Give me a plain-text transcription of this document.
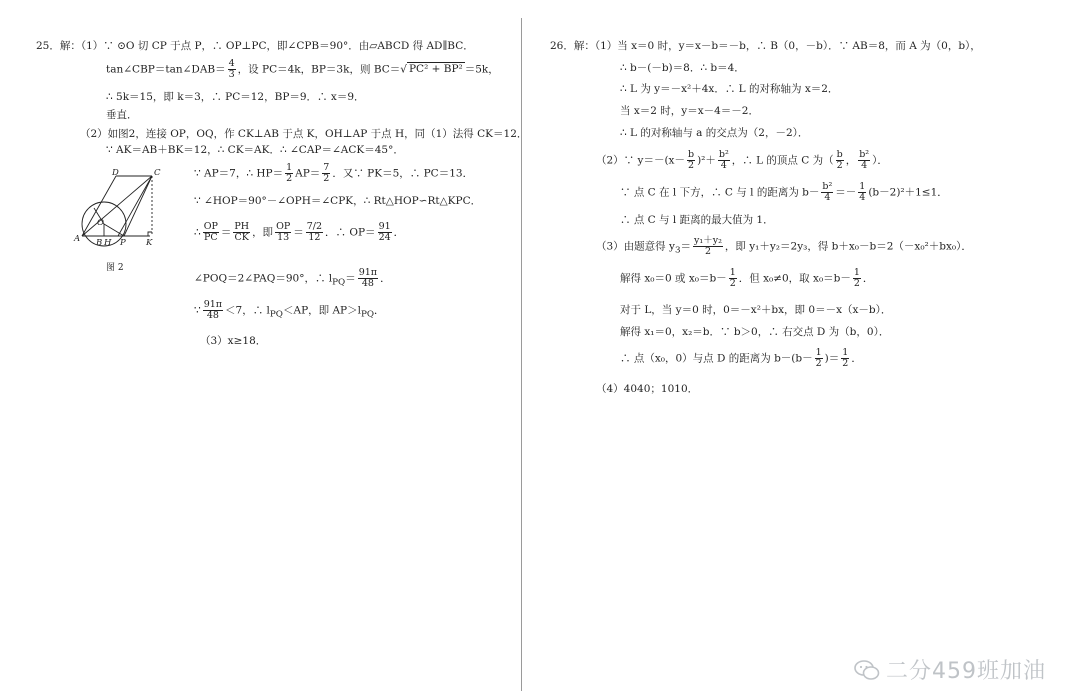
25．解：（1）∵ ⊙O 切 CP 于点 P，∴ OP⊥PC，即∠CPB＝90°．由▱ABCD 得 AD∥BC．
tan∠CBP＝tan∠DAB＝ $\frac{4}{3}$ ，设 PC＝4k，BP＝3k，则 BC＝√ PC² + BP² ＝5k，
∴ 5k＝15，即 k＝3，∴ PC＝12，BP＝9．∴ x＝9．
垂直．
（2）如图2，连接 OP，OQ，作 CK⊥AB 于点 K，OH⊥AP 于点 H，同（1）法得 CK＝12．
∵ AK＝AB＋BK＝12，∴ CK＝AK．∴ ∠CAP＝∠ACK＝45°．
∵ AP＝7，∴ $HP= \frac{1}{2} AP= \frac{7}{2}$ ．又∵ PK＝5，∴ PC＝13．
∵ ∠HOP＝90°－∠OPH＝∠CPK，∴ Rt△HOP∽Rt△KPC．
∴ $\frac{OP}{PC} = \frac{PH}{CK}$ ，即 $\frac{OP}{13} = \frac{7/2}{12}$ ．∴ $OP= \frac{91}{24}$ ．
∠POQ＝2∠PAQ＝90°，∴ $l_{PQ}= \frac{91\pi}{48}$ ．
∵ $\frac{91\pi}{48} <7$，∴ $l_{PQ}<AP$，即 $AP>l_{PQ}$．
（3）x≥18．
D	C
A B H P K
O
图 2
26．解：（1）当 x＝0 时，y＝x－b＝－b，∴ B（0，－b）．∵ AB＝8，而 A 为（0，b），
∴ b－(－b)＝8．∴ b＝4．
∴ L 为 y＝－x²＋4x．∴ L 的对称轴为 x＝2．
当 x＝2 时，y＝x－4＝－2．
∴ L 的对称轴与 a 的交点为（2，－2）．
（2）∵ $y=-(x- \frac{b}{2} )^2+ \frac{\text{b²}}{4}$ ，∴ L 的顶点 C 为（ $\frac{b}{2}$ ， $\frac{\text{b²}}{4}$ ）．
∵ 点 C 在 l 下方，∴ C 与 l 的距离为 $b- \frac{\text{b²}}{4} =- \frac{1}{4} (b-2)^2+1\le 1$．
∴ 点 C 与 l 距离的最大值为 1．
（3）由题意得 $y_3= \frac{\text{y₁＋y₂}}{2}$ ，即 y₁＋y₂＝2y₃，得 b＋x₀－b＝2（－x₀²＋bx₀）．
解得 x₀＝0 或 $x_0=b- \frac{1}{2}$ ．但 x₀≠0，取 $x_0=b- \frac{1}{2}$ ．
对于 L，当 y＝0 时，0＝－x²＋bx，即 0＝－x（x－b）．
解得 x₁＝0，x₂＝b．∵ b＞0，∴ 右交点 D 为（b，0）．
∴ 点（x₀，0）与点 D 的距离为 $b-(b- \frac{1}{2}$ )＝ $\frac{1}{2}$ ．
（4）4040；1010．
二分459班加油
